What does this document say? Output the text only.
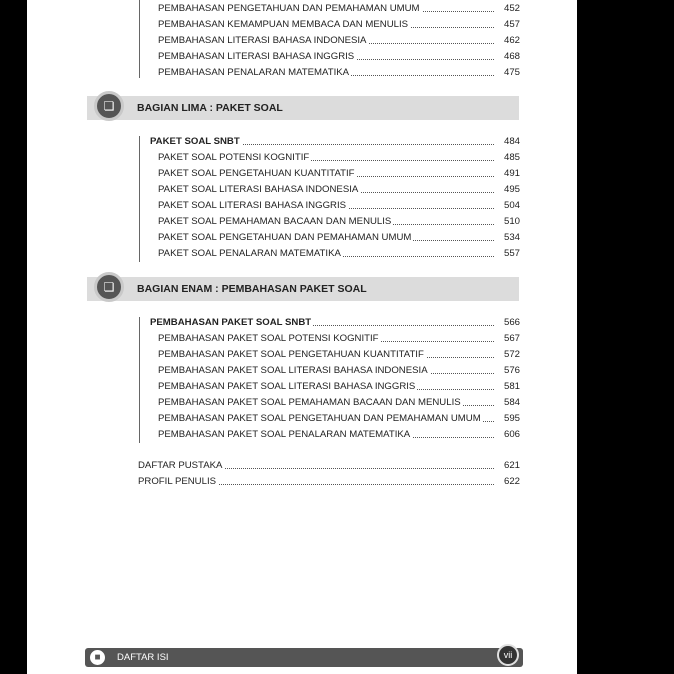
PEMBAHASAN PENGETAHUAN DAN PEMAHAMAN UMUM	452
PEMBAHASAN KEMAMPUAN MEMBACA DAN MENULIS	457
PEMBAHASAN LITERASI BAHASA INDONESIA	462
PEMBAHASAN LITERASI BAHASA INGGRIS	468
PEMBAHASAN PENALARAN MATEMATIKA	475
❏ BAGIAN LIMA : PAKET SOAL
PAKET SOAL SNBT	484
PAKET SOAL POTENSI KOGNITIF	485
PAKET SOAL PENGETAHUAN KUANTITATIF	491
PAKET SOAL LITERASI BAHASA INDONESIA	495
PAKET SOAL LITERASI BAHASA INGGRIS	504
PAKET SOAL PEMAHAMAN BACAAN DAN MENULIS	510
PAKET SOAL PENGETAHUAN DAN PEMAHAMAN UMUM	534
PAKET SOAL PENALARAN MATEMATIKA	557
❏ BAGIAN ENAM : PEMBAHASAN PAKET SOAL
PEMBAHASAN PAKET SOAL SNBT	566
PEMBAHASAN PAKET SOAL POTENSI KOGNITIF	567
PEMBAHASAN PAKET SOAL PENGETAHUAN KUANTITATIF	572
PEMBAHASAN PAKET SOAL LITERASI BAHASA INDONESIA	576
PEMBAHASAN PAKET SOAL LITERASI BAHASA INGGRIS	581
PEMBAHASAN PAKET SOAL PEMAHAMAN BACAAN DAN MENULIS	584
PEMBAHASAN PAKET SOAL PENGETAHUAN DAN PEMAHAMAN UMUM	595
PEMBAHASAN PAKET SOAL PENALARAN MATEMATIKA	606
DAFTAR PUSTAKA	621
PROFIL PENULIS	622
■	DAFTAR ISI	vii
